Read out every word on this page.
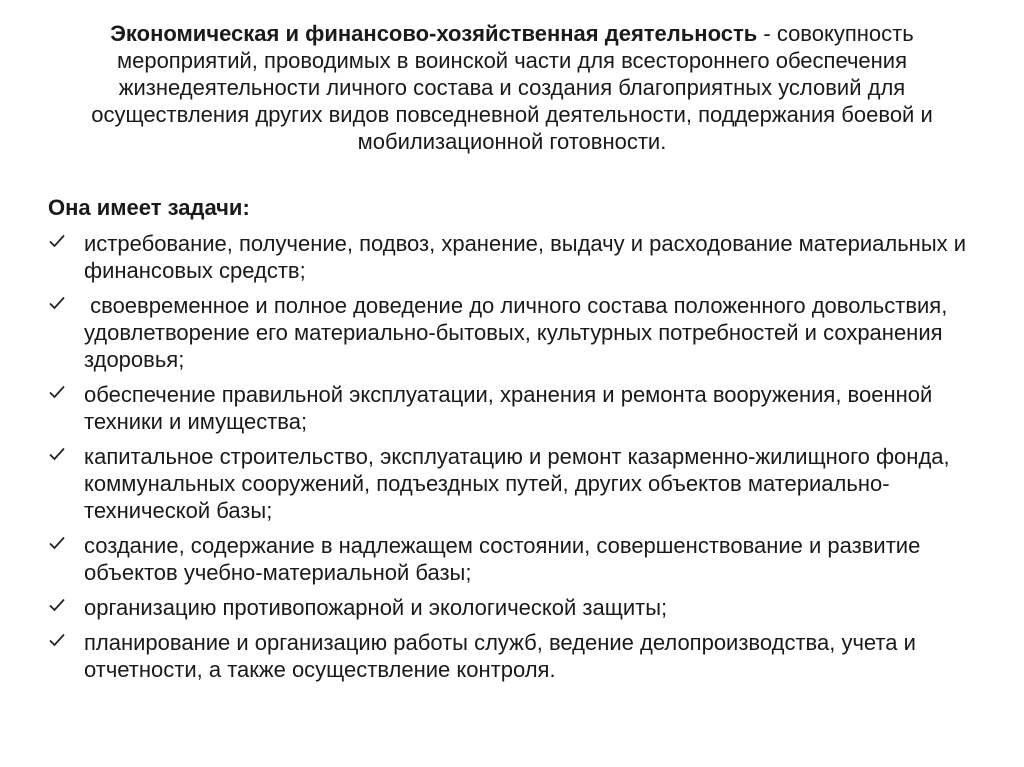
Экономическая и финансово-хозяйственная деятельность - совокупность мероприятий, проводимых в воинской части для всестороннего обеспечения жизнедеятельности личного состава и создания благоприятных условий для осуществления других видов повседневной деятельности, поддержания боевой и мобилизационной готовности.

Она имеет задачи:
истребование, получение, подвоз, хранение, выдачу и расходование материальных и финансовых средств;
своевременное и полное доведение до личного состава положенного довольствия, удовлетворение его материально-бытовых, культурных потребностей и сохранения здоровья;
обеспечение правильной эксплуатации, хранения и ремонта вооружения, военной техники и имущества;
капитальное строительство, эксплуатацию и ремонт казарменно-жилищного фонда, коммунальных сооружений, подъездных путей, других объектов материально-технической базы;
создание, содержание в надлежащем состоянии, совершенствование и развитие объектов учебно-материальной базы;
организацию противопожарной и экологической защиты;
планирование и организацию работы служб, ведение делопроизводства, учета и отчетности, а также осуществление контроля.
